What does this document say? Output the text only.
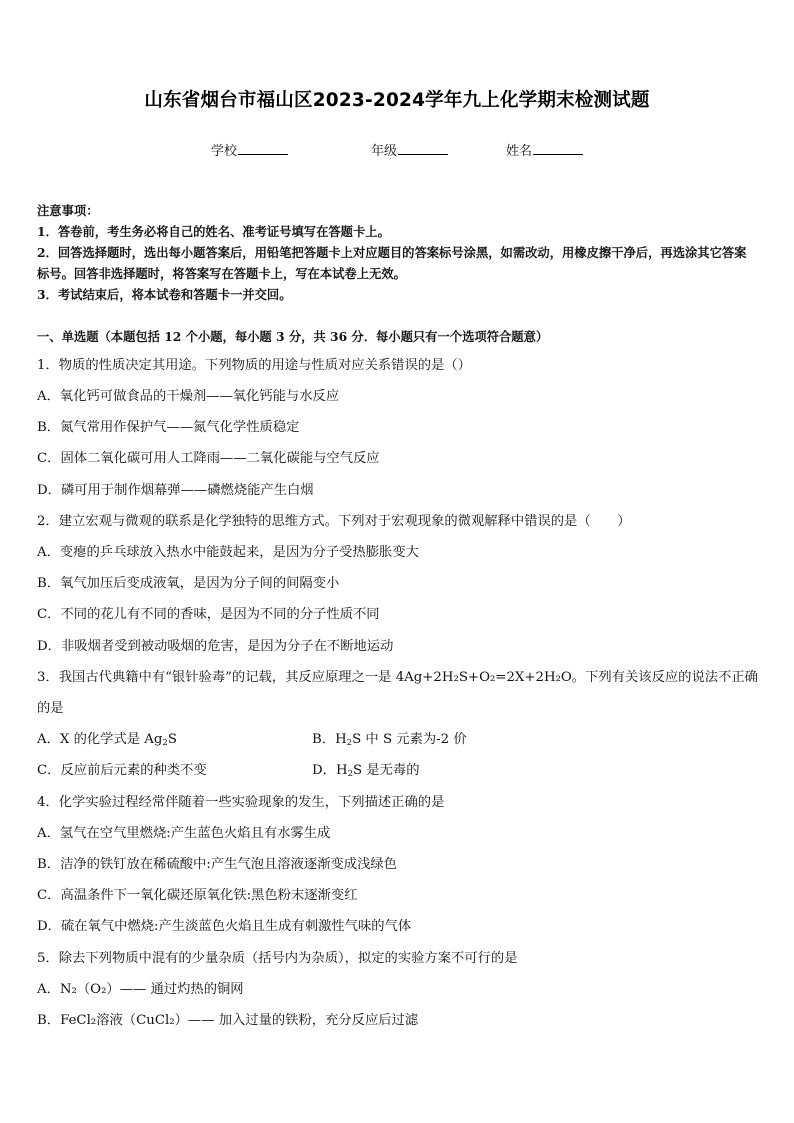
山东省烟台市福山区2023-2024学年九上化学期末检测试题
学校	年级	姓名
注意事项：
1．答卷前，考生务必将自己的姓名、准考证号填写在答题卡上。
2．回答选择题时，选出每小题答案后，用铅笔把答题卡上对应题目的答案标号涂黑，如需改动，用橡皮擦干净后，再选涂其它答案标号。回答非选择题时，将答案写在答题卡上，写在本试卷上无效。
3．考试结束后，将本试卷和答题卡一并交回。
一、单选题（本题包括 12 个小题，每小题 3 分，共 36 分．每小题只有一个选项符合题意）
1．物质的性质决定其用途。下列物质的用途与性质对应关系错误的是（）
A．氧化钙可做食品的干燥剂——氧化钙能与水反应
B．氮气常用作保护气——氮气化学性质稳定
C．固体二氧化碳可用人工降雨——二氧化碳能与空气反应
D．磷可用于制作烟幕弹——磷燃烧能产生白烟
2．建立宏观与微观的联系是化学独特的思维方式。下列对于宏观现象的微观解释中错误的是（　　）
A．变瘪的乒乓球放入热水中能鼓起来，是因为分子受热膨胀变大
B．氧气加压后变成液氧，是因为分子间的间隔变小
C．不同的花儿有不同的香味，是因为不同的分子性质不同
D．非吸烟者受到被动吸烟的危害，是因为分子在不断地运动
3．我国古代典籍中有“银针验毒”的记载，其反应原理之一是 4Ag+2H₂S+O₂=2X+2H₂O。下列有关该反应的说法不正确
的是
A．X 的化学式是 $Ag_2S$	B．$H_2S$ 中 S 元素为-2 价
C．反应前后元素的种类不变	D．$H_2S$ 是无毒的
4．化学实验过程经常伴随着一些实验现象的发生，下列描述正确的是
A．氢气在空气里燃烧:产生蓝色火焰且有水雾生成
B．洁净的铁钉放在稀硫酸中:产生气泡且溶液逐渐变成浅绿色
C．高温条件下一氧化碳还原氧化铁:黑色粉末逐渐变红
D．硫在氧气中燃烧:产生淡蓝色火焰且生成有刺激性气味的气体
5．除去下列物质中混有的少量杂质（括号内为杂质），拟定的实验方案不可行的是
A．N₂（O₂）—— 通过灼热的铜网
B．FeCl₂溶液（CuCl₂）—— 加入过量的铁粉，充分反应后过滤
